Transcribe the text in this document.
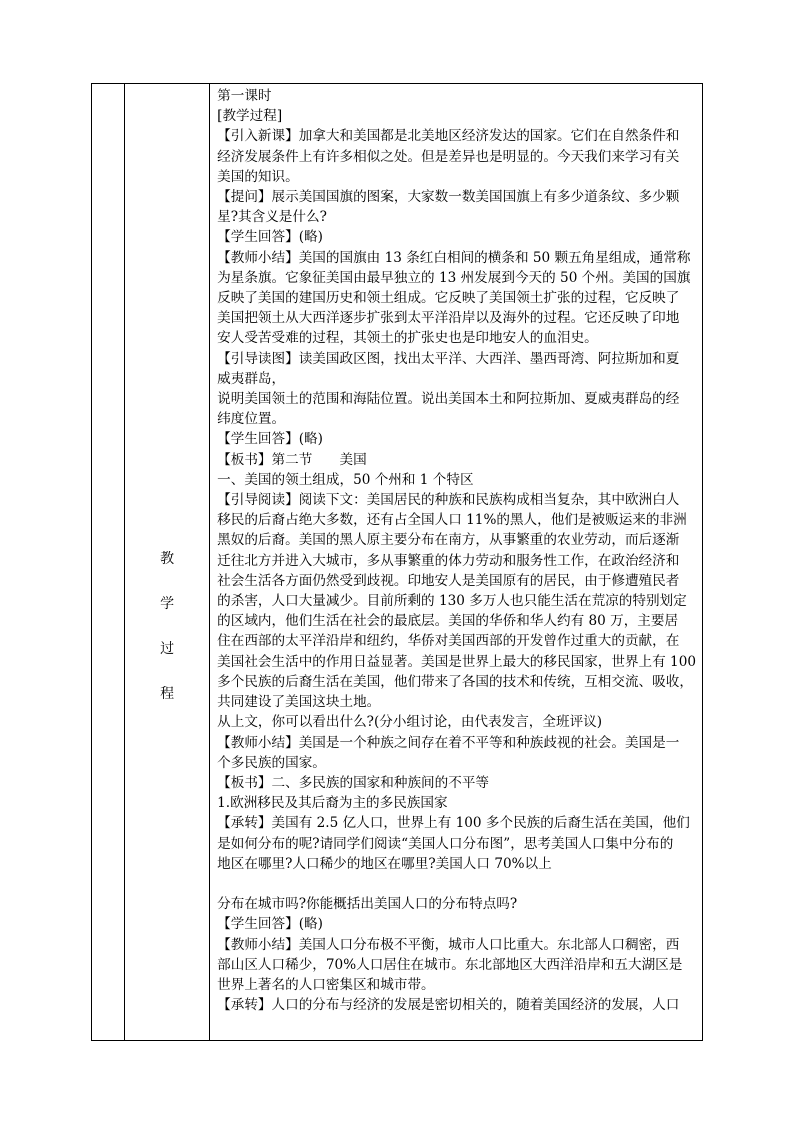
教
学
过
程
第一课时
[教学过程]
【引入新课】加拿大和美国都是北美地区经济发达的国家。它们在自然条件和
经济发展条件上有许多相似之处。但是差异也是明显的。今天我们来学习有关
美国的知识。
【提问】展示美国国旗的图案，大家数一数美国国旗上有多少道条纹、多少颗
星?其含义是什么?
【学生回答】(略)
【教师小结】美国的国旗由 13 条红白相间的横条和 50 颗五角星组成，通常称
为星条旗。它象征美国由最早独立的 13 州发展到今天的 50 个州。美国的国旗
反映了美国的建国历史和领土组成。它反映了美国领土扩张的过程，它反映了
美国把领土从大西洋逐步扩张到太平洋沿岸以及海外的过程。它还反映了印地
安人受苦受难的过程，其领土的扩张史也是印地安人的血泪史。
【引导读图】读美国政区图，找出太平洋、大西洋、墨西哥湾、阿拉斯加和夏
威夷群岛，
说明美国领土的范围和海陆位置。说出美国本土和阿拉斯加、夏威夷群岛的经
纬度位置。
【学生回答】(略)
【板书】第二节　　美国
一、美国的领土组成，50 个州和 1 个特区
【引导阅读】阅读下文：美国居民的种族和民族构成相当复杂，其中欧洲白人
移民的后裔占绝大多数，还有占全国人口 11%的黑人，他们是被贩运来的非洲
黑奴的后裔。美国的黑人原主要分布在南方，从事繁重的农业劳动，而后逐渐
迁往北方并进入大城市，多从事繁重的体力劳动和服务性工作，在政治经济和
社会生活各方面仍然受到歧视。印地安人是美国原有的居民，由于修遭殖民者
的杀害，人口大量减少。目前所剩的 130 多万人也只能生活在荒凉的特别划定
的区域内，他们生活在社会的最底层。美国的华侨和华人约有 80 万，主要居
住在西部的太平洋沿岸和纽约，华侨对美国西部的开发曾作过重大的贡献，在
美国社会生活中的作用日益显著。美国是世界上最大的移民国家，世界上有 100
多个民族的后裔生活在美国，他们带来了各国的技术和传统，互相交流、吸收，
共同建设了美国这块土地。
从上文，你可以看出什么?(分小组讨论，由代表发言，全班评议)
【教师小结】美国是一个种族之间存在着不平等和种族歧视的社会。美国是一
个多民族的国家。
【板书】二、多民族的国家和种族间的不平等
1.欧洲移民及其后裔为主的多民族国家
【承转】美国有 2.5 亿人口，世界上有 100 多个民族的后裔生活在美国，他们
是如何分布的呢?请同学们阅读“美国人口分布图”，思考美国人口集中分布的
地区在哪里?人口稀少的地区在哪里?美国人口 70%以上
分布在城市吗?你能概括出美国人口的分布特点吗?
【学生回答】(略)
【教师小结】美国人口分布极不平衡，城市人口比重大。东北部人口稠密，西
部山区人口稀少，70%人口居住在城市。东北部地区大西洋沿岸和五大湖区是
世界上著名的人口密集区和城市带。
【承转】人口的分布与经济的发展是密切相关的，随着美国经济的发展，人口
